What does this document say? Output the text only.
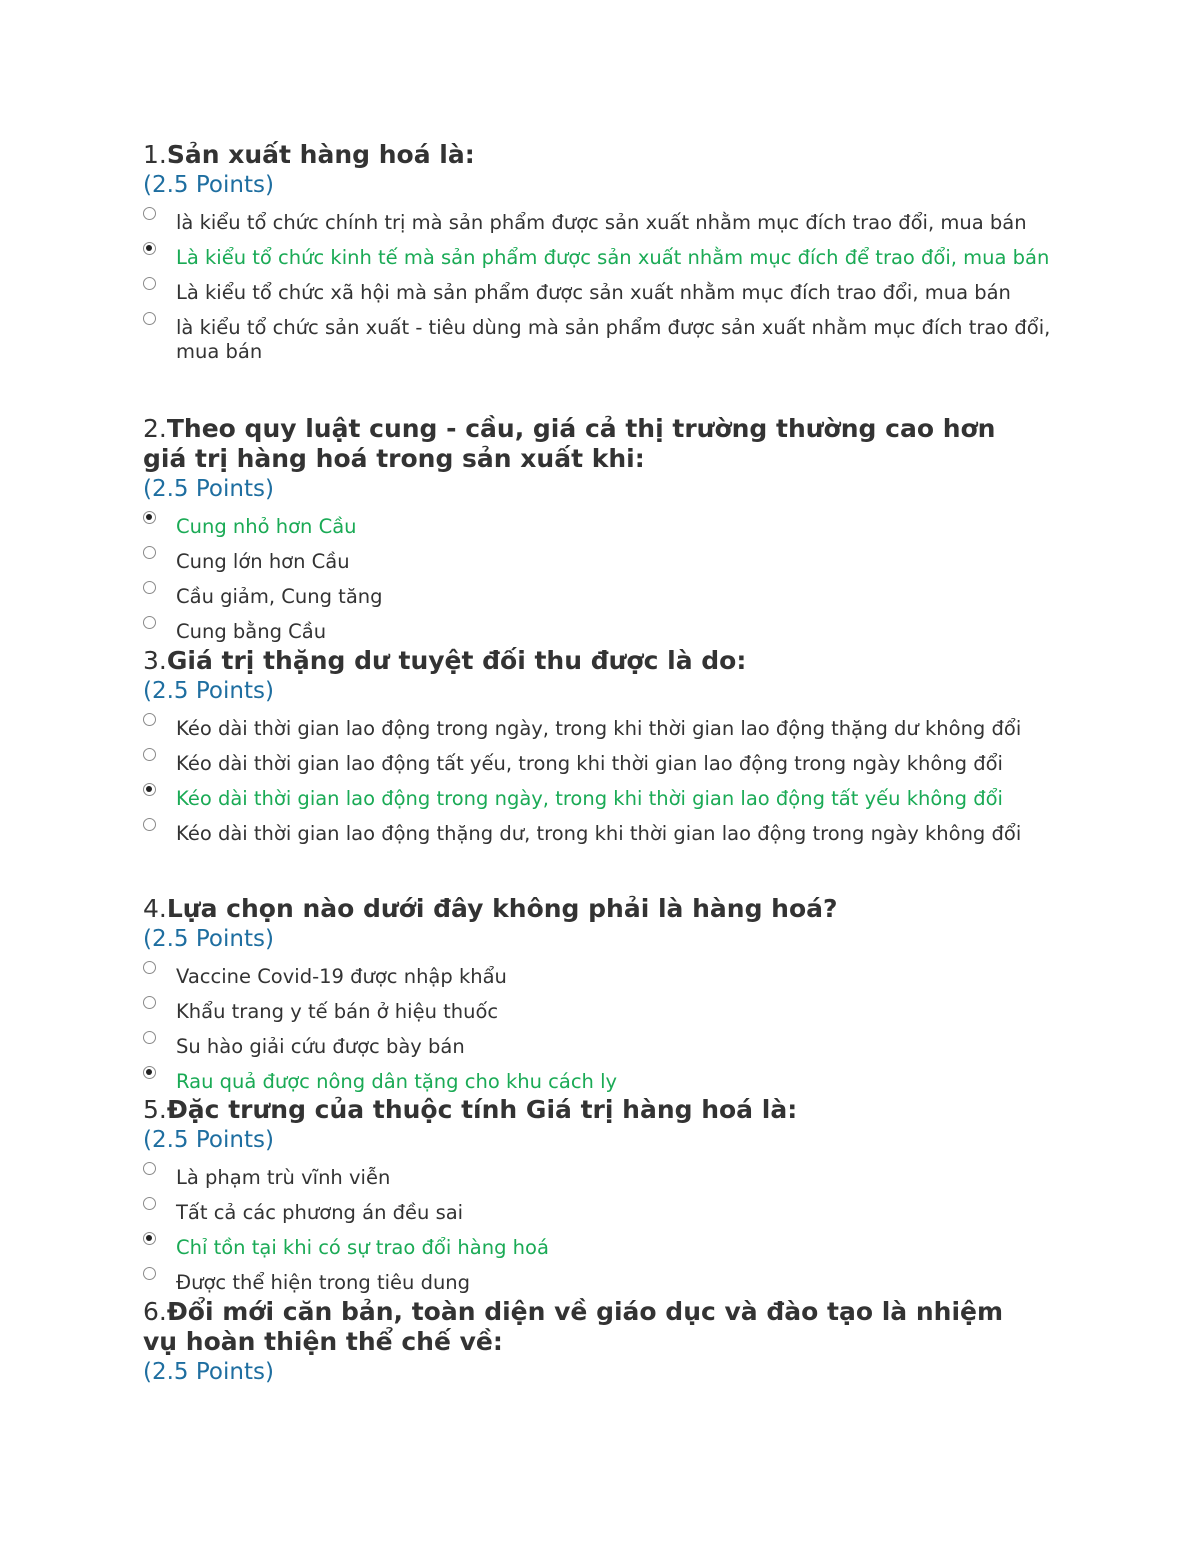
1.Sản xuất hàng hoá là:
(2.5 Points)
là kiểu tổ chức chính trị mà sản phẩm được sản xuất nhằm mục đích trao đổi, mua bán
Là kiểu tổ chức kinh tế mà sản phẩm được sản xuất nhằm mục đích để trao đổi, mua bán
Là kiểu tổ chức xã hội mà sản phẩm được sản xuất nhằm mục đích trao đổi, mua bán
là kiểu tổ chức sản xuất - tiêu dùng mà sản phẩm được sản xuất nhằm mục đích trao đổi, mua bán
2.Theo quy luật cung - cầu, giá cả thị trường thường cao hơn giá trị hàng hoá trong sản xuất khi:
(2.5 Points)
Cung nhỏ hơn Cầu
Cung lớn hơn Cầu
Cầu giảm, Cung tăng
Cung bằng Cầu
3.Giá trị thặng dư tuyệt đối thu được là do:
(2.5 Points)
Kéo dài thời gian lao động trong ngày, trong khi thời gian lao động thặng dư không đổi
Kéo dài thời gian lao động tất yếu, trong khi thời gian lao động trong ngày không đổi
Kéo dài thời gian lao động trong ngày, trong khi thời gian lao động tất yếu không đổi
Kéo dài thời gian lao động thặng dư, trong khi thời gian lao động trong ngày không đổi
4.Lựa chọn nào dưới đây không phải là hàng hoá?
(2.5 Points)
Vaccine Covid-19 được nhập khẩu
Khẩu trang y tế bán ở hiệu thuốc
Su hào giải cứu được bày bán
Rau quả được nông dân tặng cho khu cách ly
5.Đặc trưng của thuộc tính Giá trị hàng hoá là:
(2.5 Points)
Là phạm trù vĩnh viễn
Tất cả các phương án đều sai
Chỉ tồn tại khi có sự trao đổi hàng hoá
Được thể hiện trong tiêu dung
6.Đổi mới căn bản, toàn diện về giáo dục và đào tạo là nhiệm vụ hoàn thiện thể chế về:
(2.5 Points)
